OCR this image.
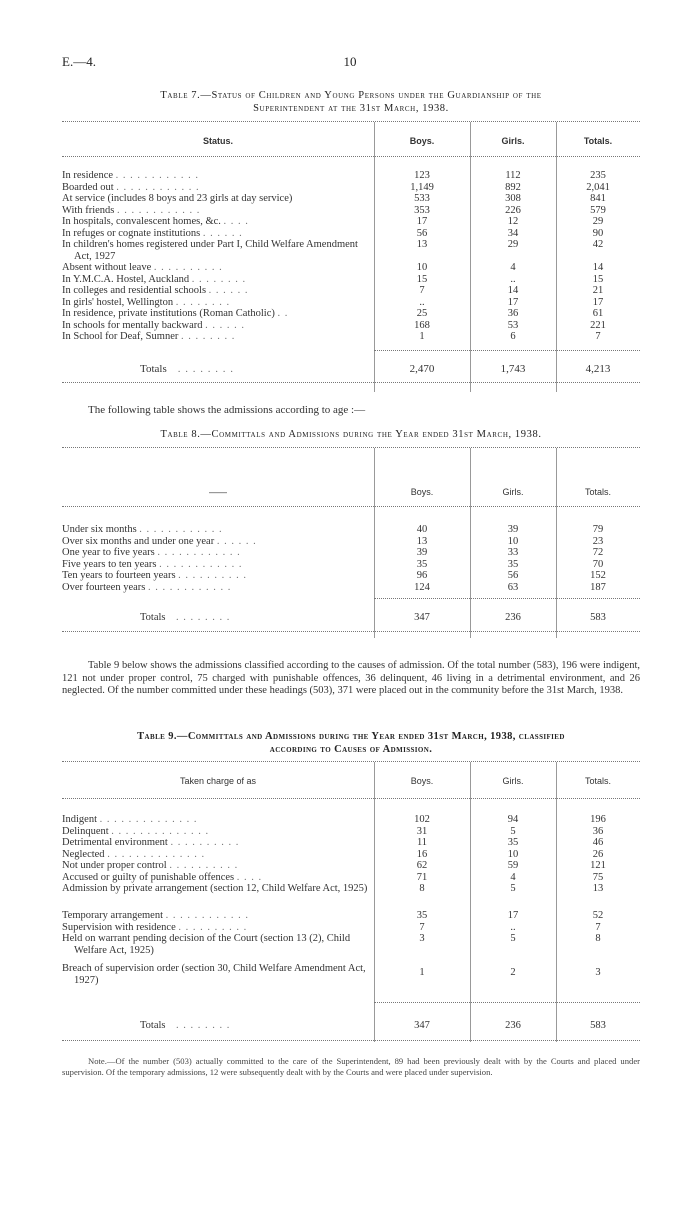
E.—4.	10
Table 7.—Status of Children and Young Persons under the Guardianship of the
Superintendent at the 31st March, 1938.
Status.	Boys.	Girls.	Totals.
In residence . . . . . . . . . . . .	123	112	235
Boarded out . . . . . . . . . . . .	1,149	892	2,041
At service (includes 8 boys and 23 girls at day service)	533	308	841
With friends . . . . . . . . . . . .	353	226	579
In hospitals, convalescent homes, &c. . . . .	17	12	29
In refuges or cognate institutions . . . . . .	56	34	90
In children's homes registered under Part I, Child Welfare Amendment Act, 1927
13	29	42
Absent without leave . . . . . . . . . .	10	4	14
In Y.M.C.A. Hostel, Auckland . . . . . . . .	15	..	15
In colleges and residential schools . . . . . .	7	14	21
In girls' hostel, Wellington . . . . . . . .	..	17	17
In residence, private institutions (Roman Catholic) . .	25	36	61
In schools for mentally backward . . . . . .	168	53	221
In School for Deaf, Sumner . . . . . . . .	1	6	7
Totals . . . . . . . .	2,470	1,743	4,213
The following table shows the admissions according to age :—
Table 8.—Committals and Admissions during the Year ended 31st March, 1938.
——	Boys.	Girls.	Totals.
Under six months . . . . . . . . . . . .	40	39	79
Over six months and under one year . . . . . .	13	10	23
One year to five years . . . . . . . . . . . .	39	33	72
Five years to ten years . . . . . . . . . . . .	35	35	70
Ten years to fourteen years . . . . . . . . . .	96	56	152
Over fourteen years . . . . . . . . . . . .	124	63	187
Totals . . . . . . . .	347	236	583
Table 9 below shows the admissions classified according to the causes of admission. Of the total number (583), 196 were indigent, 121 not under proper control, 75 charged with punishable offences, 36 delinquent, 46 living in a detrimental environment, and 26 neglected. Of the number committed under these headings (503), 371 were placed out in the community before the 31st March, 1938.
Table 9.—Committals and Admissions during the Year ended 31st March, 1938, classified
according to Causes of Admission.
Taken charge of as	Boys.	Girls.	Totals.
Indigent . . . . . . . . . . . . . .	102	94	196
Delinquent . . . . . . . . . . . . . .	31	5	36
Detrimental environment . . . . . . . . . .	11	35	46
Neglected . . . . . . . . . . . . . .	16	10	26
Not under proper control . . . . . . . . . .	62	59	121
Accused or guilty of punishable offences . . . .	71	4	75
Admission by private arrangement (section 12, Child Welfare Act, 1925)	8	5	13
Temporary arrangement . . . . . . . . . . . .	35	17	52
Supervision with residence . . . . . . . . . .	7	..	7
Held on warrant pending decision of the Court (section 13 (2), Child Welfare Act, 1925)
3	5	8
Breach of supervision order (section 30, Child Welfare Amendment Act, 1927)
1	2	3
Totals . . . . . . . .	347	236	583
Note.—Of the number (503) actually committed to the care of the Superintendent, 89 had been previously dealt with by the Courts and placed under supervision. Of the temporary admissions, 12 were subsequently dealt with by the Courts and were placed under supervision.
